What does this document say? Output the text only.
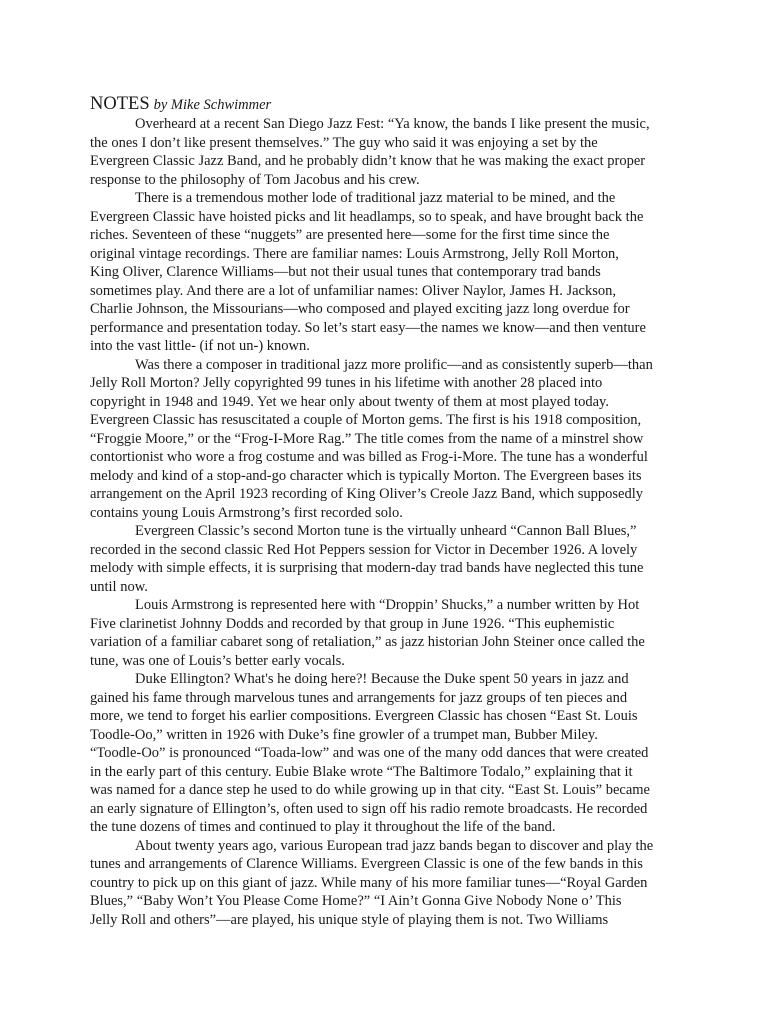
NOTES by Mike Schwimmer

Overheard at a recent San Diego Jazz Fest: “Ya know, the bands I like present the music,
the ones I don’t like present themselves.” The guy who said it was enjoying a set by the
Evergreen Classic Jazz Band, and he probably didn’t know that he was making the exact proper
response to the philosophy of Tom Jacobus and his crew.

There is a tremendous mother lode of traditional jazz material to be mined, and the
Evergreen Classic have hoisted picks and lit headlamps, so to speak, and have brought back the
riches. Seventeen of these “nuggets” are presented here—some for the first time since the
original vintage recordings. There are familiar names: Louis Armstrong, Jelly Roll Morton,
King Oliver, Clarence Williams—but not their usual tunes that contemporary trad bands
sometimes play. And there are a lot of unfamiliar names: Oliver Naylor, James H. Jackson,
Charlie Johnson, the Missourians—who composed and played exciting jazz long overdue for
performance and presentation today. So let’s start easy—the names we know—and then venture
into the vast little- (if not un-) known.

Was there a composer in traditional jazz more prolific—and as consistently superb—than
Jelly Roll Morton? Jelly copyrighted 99 tunes in his lifetime with another 28 placed into
copyright in 1948 and 1949. Yet we hear only about twenty of them at most played today.
Evergreen Classic has resuscitated a couple of Morton gems. The first is his 1918 composition,
“Froggie Moore,” or the “Frog-I-More Rag.” The title comes from the name of a minstrel show
contortionist who wore a frog costume and was billed as Frog-i-More. The tune has a wonderful
melody and kind of a stop-and-go character which is typically Morton. The Evergreen bases its
arrangement on the April 1923 recording of King Oliver’s Creole Jazz Band, which supposedly
contains young Louis Armstrong’s first recorded solo.

Evergreen Classic’s second Morton tune is the virtually unheard “Cannon Ball Blues,”
recorded in the second classic Red Hot Peppers session for Victor in December 1926. A lovely
melody with simple effects, it is surprising that modern-day trad bands have neglected this tune
until now.

Louis Armstrong is represented here with “Droppin’ Shucks,” a number written by Hot
Five clarinetist Johnny Dodds and recorded by that group in June 1926. “This euphemistic
variation of a familiar cabaret song of retaliation,” as jazz historian John Steiner once called the
tune, was one of Louis’s better early vocals.

Duke Ellington? What's he doing here?! Because the Duke spent 50 years in jazz and
gained his fame through marvelous tunes and arrangements for jazz groups of ten pieces and
more, we tend to forget his earlier compositions. Evergreen Classic has chosen “East St. Louis
Toodle-Oo,” written in 1926 with Duke’s fine growler of a trumpet man, Bubber Miley.
“Toodle-Oo” is pronounced “Toada-low” and was one of the many odd dances that were created
in the early part of this century. Eubie Blake wrote “The Baltimore Todalo,” explaining that it
was named for a dance step he used to do while growing up in that city. “East St. Louis” became
an early signature of Ellington’s, often used to sign off his radio remote broadcasts. He recorded
the tune dozens of times and continued to play it throughout the life of the band.

About twenty years ago, various European trad jazz bands began to discover and play the
tunes and arrangements of Clarence Williams. Evergreen Classic is one of the few bands in this
country to pick up on this giant of jazz. While many of his more familiar tunes—“Royal Garden
Blues,” “Baby Won’t You Please Come Home?” “I Ain’t Gonna Give Nobody None o’ This
Jelly Roll and others”—are played, his unique style of playing them is not. Two Williams
